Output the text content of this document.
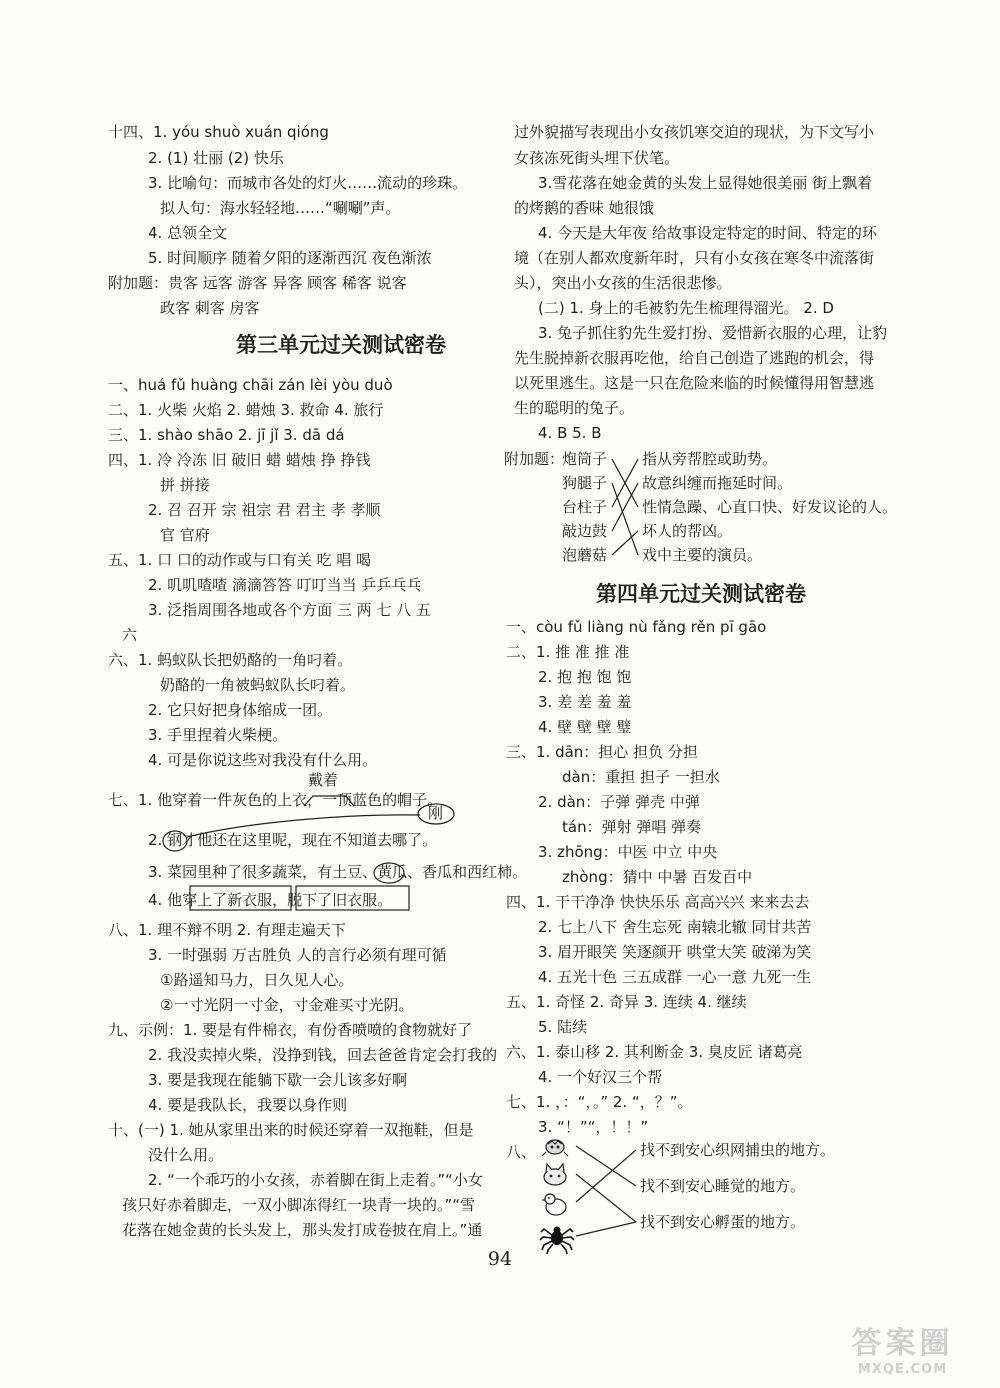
十四、1. yóu shuò xuán qióng
2. (1) 壮丽 (2) 快乐
3. 比喻句：而城市各处的灯火……流动的珍珠。
拟人句：海水轻轻地……“唰唰”声。
4. 总领全文
5. 时间顺序 随着夕阳的逐渐西沉 夜色渐浓
附加题：贵客 远客 游客 异客 顾客 稀客 说客
政客 刺客 房客
第三单元过关测试密卷
一、huá fǔ huàng chāi zán lèi yòu duò
二、1. 火柴 火焰 2. 蜡烛 3. 救命 4. 旅行
三、1. shào shāo 2. jī jǐ 3. dā dá
四、1. 冷 冷冻 旧 破旧 蜡 蜡烛 挣 挣钱
拼 拼接
2. 召 召开 宗 祖宗 君 君主 孝 孝顺
官 官府
五、1. 口 口的动作或与口有关 吃 唱 喝
2. 叽叽喳喳 滴滴答答 叮叮当当 乒乒乓乓
3. 泛指周围各地或各个方面 三 两 七 八 五
六
六、1. 蚂蚁队长把奶酪的一角叼着。
奶酪的一角被蚂蚁队长叼着。
2. 它只好把身体缩成一团。
3. 手里捏着火柴梗。
4. 可是你说这些对我没有什么用。
戴着
七、1. 他穿着一件灰色的上衣，一顶蓝色的帽子。
2. 钢才他还在这里呢，现在不知道去哪了。
刚
3. 菜园里种了很多蔬菜，有土豆、黄瓜、香瓜和西红柿。
4. 他穿上了新衣服，脱下了旧衣服。
八、1. 理不辩不明 2. 有理走遍天下
3. 一时强弱 万古胜负 人的言行必须有理可循
①路遥知马力，日久见人心。
②一寸光阴一寸金，寸金难买寸光阴。
九、示例：1. 要是有件棉衣，有份香喷喷的食物就好了
2. 我没卖掉火柴，没挣到钱，回去爸爸肯定会打我的
3. 要是我现在能躺下歇一会儿该多好啊
4. 要是我队长，我要以身作则
十、(一) 1. 她从家里出来的时候还穿着一双拖鞋，但是
没什么用。
2. “一个乖巧的小女孩，赤着脚在街上走着。”“小女
孩只好赤着脚走，一双小脚冻得红一块青一块的。”“雪
花落在她金黄的长头发上，那头发打成卷披在肩上。”通
过外貌描写表现出小女孩饥寒交迫的现状，为下文写小
女孩冻死街头埋下伏笔。
3.雪花落在她金黄的头发上显得她很美丽 街上飘着
的烤鹅的香味 她很饿
4. 今天是大年夜 给故事设定特定的时间、特定的环
境（在别人都欢度新年时，只有小女孩在寒冬中流落街
头），突出小女孩的生活很悲惨。
(二) 1. 身上的毛被豹先生梳理得溜光。 2. D
3. 兔子抓住豹先生爱打扮、爱惜新衣服的心理，让豹
先生脱掉新衣服再吃他，给自己创造了逃跑的机会，得
以死里逃生。这是一只在危险来临的时候懂得用智慧逃
生的聪明的兔子。
4. B 5. B
附加题：
炮筒子
狗腿子
台柱子
敲边鼓
泡蘑菇
指从旁帮腔或助势。
故意纠缠而拖延时间。
性情急躁、心直口快、好发议论的人。
坏人的帮凶。
戏中主要的演员。
第四单元过关测试密卷
一、còu fǔ liàng nù fǎng rěn pī gāo
二、1. 推 准 推 准
2. 抱 抱 饱 饱
3. 差 差 羞 羞
4. 壁 壁 壁 璧
三、1. dān：担心 担负 分担
dàn：重担 担子 一担水
2. dàn：子弹 弹壳 中弹
tán：弹射 弹唱 弹奏
3. zhōng：中医 中立 中央
zhòng：猜中 中暑 百发百中
四、1. 干干净净 快快乐乐 高高兴兴 来来去去
2. 七上八下 舍生忘死 南辕北辙 同甘共苦
3. 眉开眼笑 笑逐颜开 哄堂大笑 破涕为笑
4. 五光十色 三五成群 一心一意 九死一生
五、1. 奇怪 2. 奇异 3. 连续 4. 继续
5. 陆续
六、1. 泰山移 2. 其利断金 3. 臭皮匠 诸葛亮
4. 一个好汉三个帮
七、1. ，：“，。” 2. “，？”。
3. “！”“，！！”
八、	找不到安心织网捕虫的地方。
找不到安心睡觉的地方。
找不到安心孵蛋的地方。
94
答案圈
MXQE.COM
